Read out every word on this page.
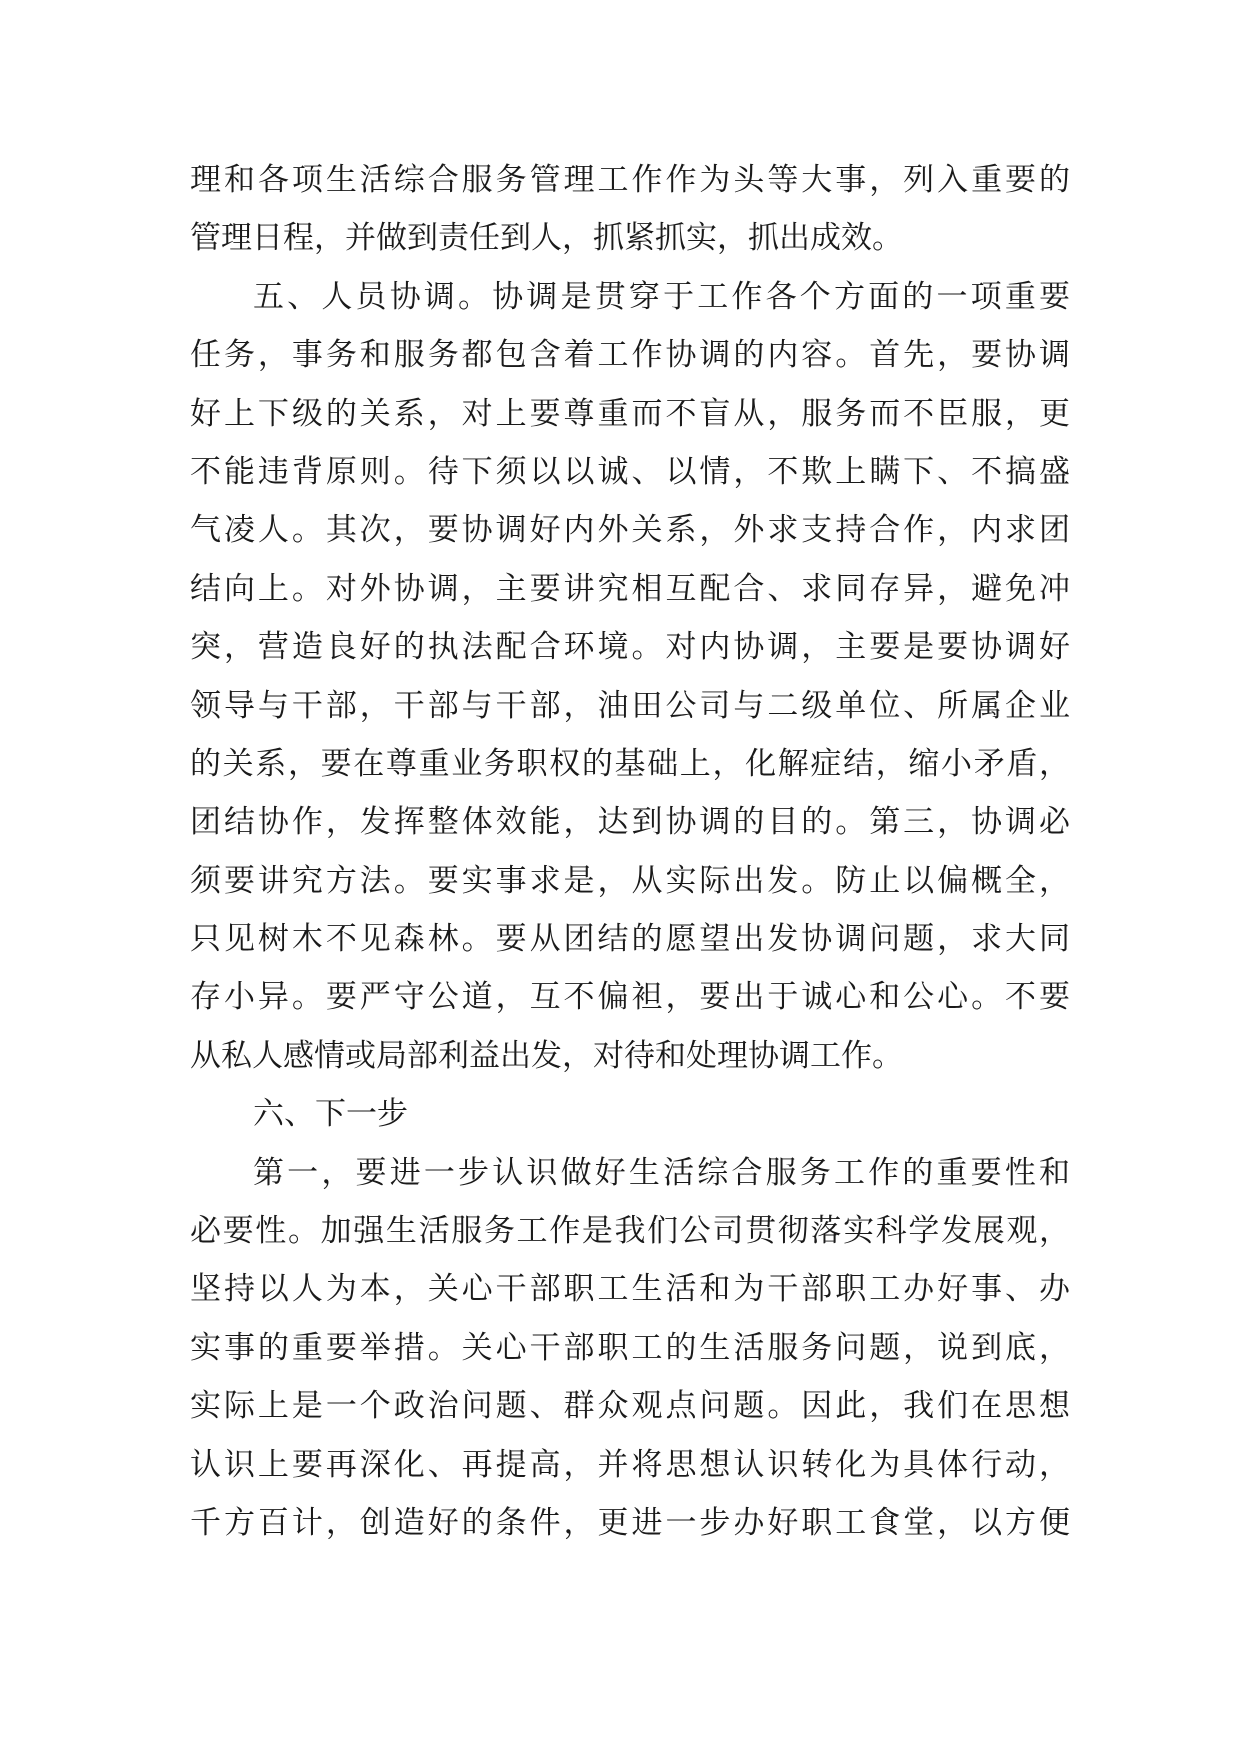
理和各项生活综合服务管理工作作为头等大事，列入重要的
管理日程，并做到责任到人，抓紧抓实，抓出成效。
五、人员协调。协调是贯穿于工作各个方面的一项重要
任务，事务和服务都包含着工作协调的内容。首先，要协调
好上下级的关系，对上要尊重而不盲从，服务而不臣服，更
不能违背原则。待下须以以诚、以情，不欺上瞒下、不搞盛
气凌人。其次，要协调好内外关系，外求支持合作，内求团
结向上。对外协调，主要讲究相互配合、求同存异，避免冲
突，营造良好的执法配合环境。对内协调，主要是要协调好
领导与干部，干部与干部，油田公司与二级单位、所属企业
的关系，要在尊重业务职权的基础上，化解症结，缩小矛盾，
团结协作，发挥整体效能，达到协调的目的。第三，协调必
须要讲究方法。要实事求是，从实际出发。防止以偏概全，
只见树木不见森林。要从团结的愿望出发协调问题，求大同
存小异。要严守公道，互不偏袒，要出于诚心和公心。不要
从私人感情或局部利益出发，对待和处理协调工作。
六、下一步
第一，要进一步认识做好生活综合服务工作的重要性和
必要性。加强生活服务工作是我们公司贯彻落实科学发展观，
坚持以人为本，关心干部职工生活和为干部职工办好事、办
实事的重要举措。关心干部职工的生活服务问题，说到底，
实际上是一个政治问题、群众观点问题。因此，我们在思想
认识上要再深化、再提高，并将思想认识转化为具体行动，
千方百计，创造好的条件，更进一步办好职工食堂，以方便
